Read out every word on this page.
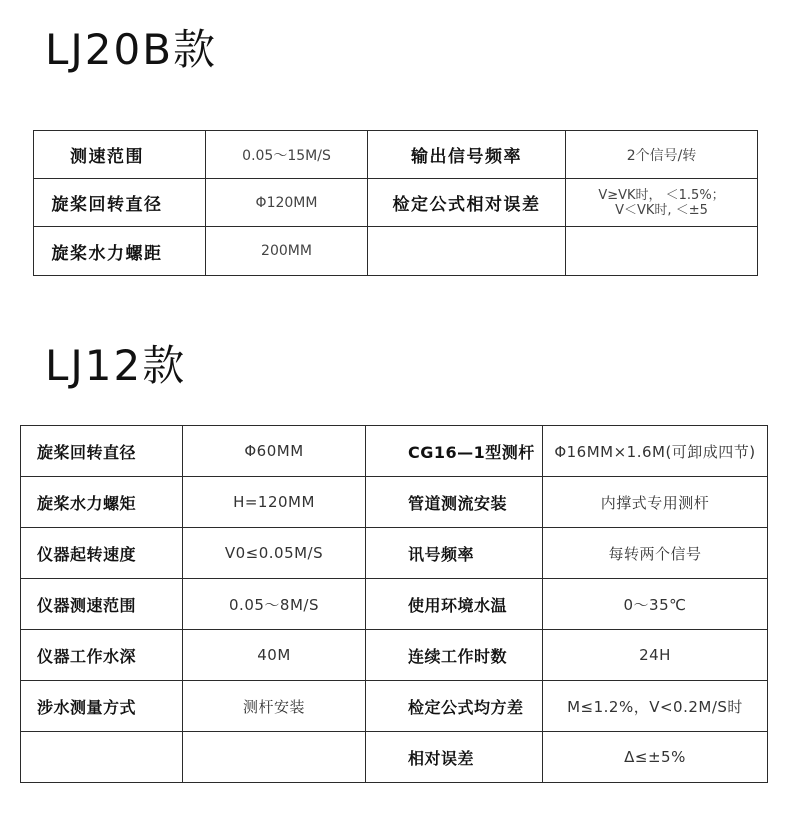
LJ20B款
测速范围	0.05～15M/S	输出信号频率	2个信号/转
旋桨回转直径	Φ120MM	检定公式相对误差	V≥VK时， ＜1.5%；
V＜VK时, ＜±5

旋桨水力螺距	200MM		
LJ12款
旋桨回转直径	Φ60MM	CG16—1型测杆	Φ16MM×1.6M(可卸成四节)
旋桨水力螺矩	H=120MM	管道测流安装	内撑式专用测杆
仪器起转速度	V0≤0.05M/S	讯号频率	每转两个信号
仪器测速范围	0.05～8M/S	使用环境水温	0～35℃
仪器工作水深	40M	连续工作时数	24H
涉水测量方式	测杆安装	检定公式均方差	M≤1.2%，V<0.2M/S时
		相对误差	Δ≤±5%
